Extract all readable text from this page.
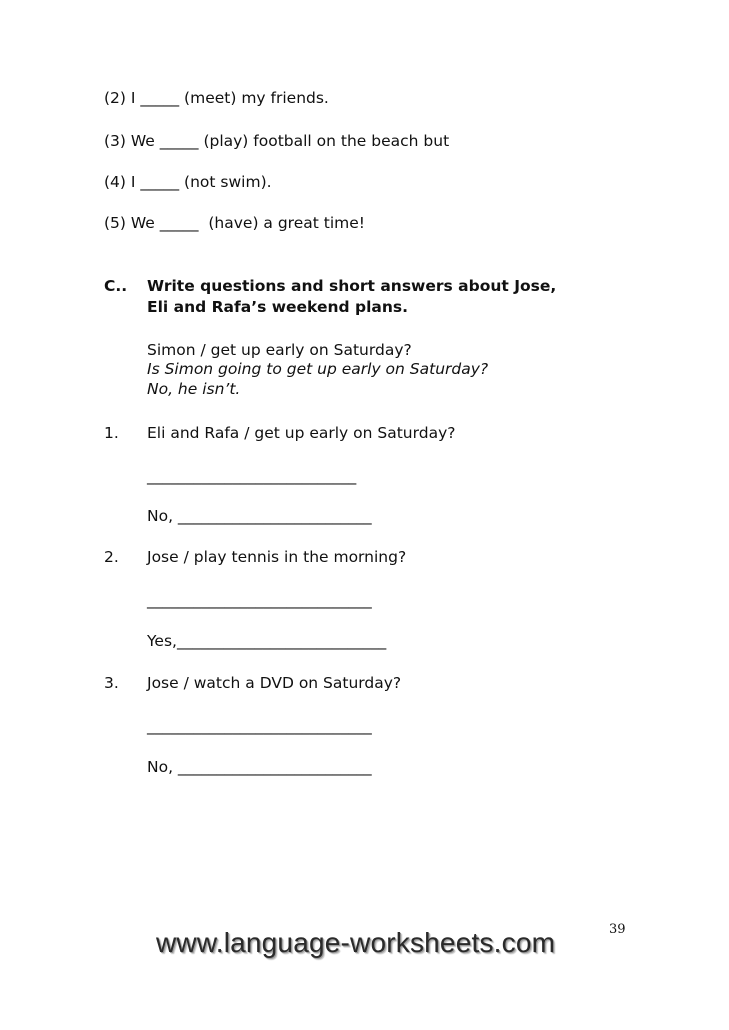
(2) I _____ (meet) my friends.
(3) We _____ (play) football on the beach but
(4) I _____ (not swim).
(5) We _____  (have) a great time!
C.. Write questions and short answers about Jose,
Eli and Rafa’s weekend plans.
Simon / get up early on Saturday?
Is Simon going to get up early on Saturday?
No, he isn’t.
1. Eli and Rafa / get up early on Saturday?
___________________________
No, _________________________
2. Jose / play tennis in the morning?
_____________________________
Yes,___________________________
3. Jose / watch a DVD on Saturday?
_____________________________
No, _________________________
39
www.language-worksheets.com
